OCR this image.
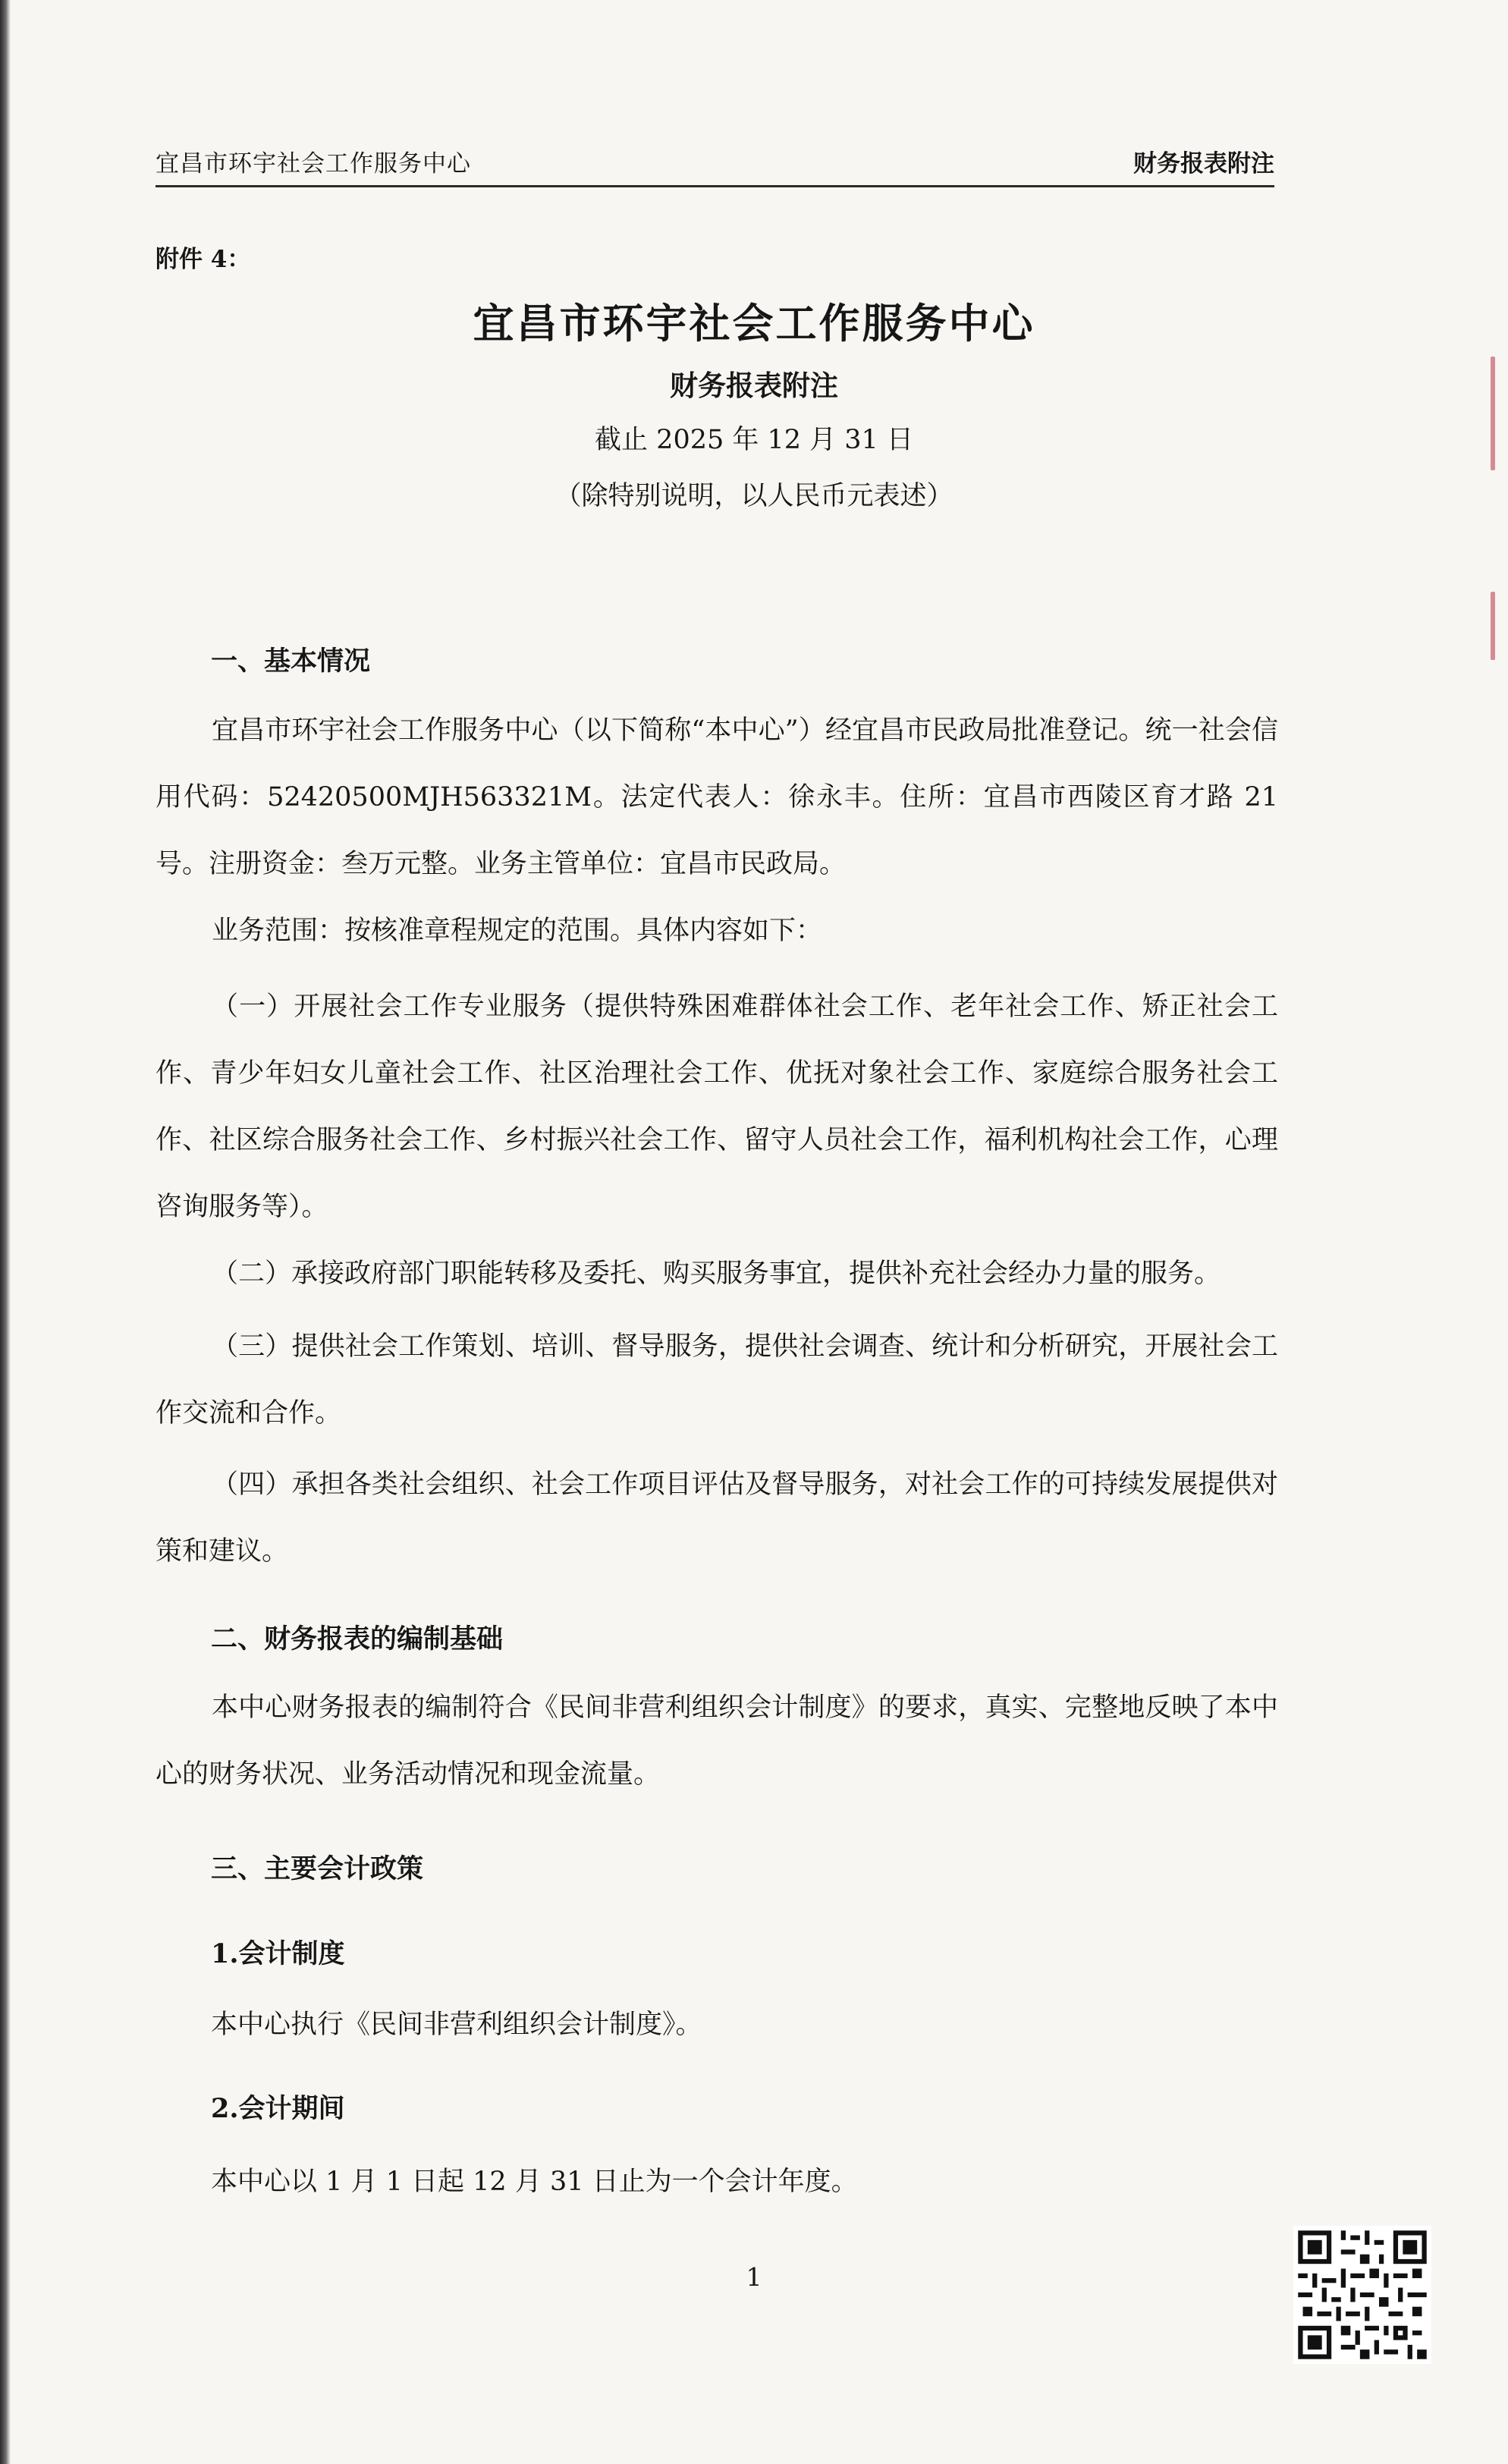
宜昌市环宇社会工作服务中心	财务报表附注
附件 4：
宜昌市环宇社会工作服务中心
财务报表附注
截止 2025 年 12 月 31 日
（除特别说明，以人民币元表述）
一、基本情况

宜昌市环宇社会工作服务中心（以下简称“本中心”）经宜昌市民政局批准登记。统一社会信用代码：52420500MJH563321M。法定代表人：徐永丰。住所：宜昌市西陵区育才路 21 号。注册资金：叁万元整。业务主管单位：宜昌市民政局。

业务范围：按核准章程规定的范围。具体内容如下：

（一）开展社会工作专业服务（提供特殊困难群体社会工作、老年社会工作、矫正社会工作、青少年妇女儿童社会工作、社区治理社会工作、优抚对象社会工作、家庭综合服务社会工作、社区综合服务社会工作、乡村振兴社会工作、留守人员社会工作，福利机构社会工作，心理咨询服务等）。

（二）承接政府部门职能转移及委托、购买服务事宜，提供补充社会经办力量的服务。

（三）提供社会工作策划、培训、督导服务，提供社会调查、统计和分析研究，开展社会工作交流和合作。

（四）承担各类社会组织、社会工作项目评估及督导服务，对社会工作的可持续发展提供对策和建议。

二、财务报表的编制基础

本中心财务报表的编制符合《民间非营利组织会计制度》的要求，真实、完整地反映了本中心的财务状况、业务活动情况和现金流量。

三、主要会计政策
1.会计制度
本中心执行《民间非营利组织会计制度》。
2.会计期间
本中心以 1 月 1 日起 12 月 31 日止为一个会计年度。
1
